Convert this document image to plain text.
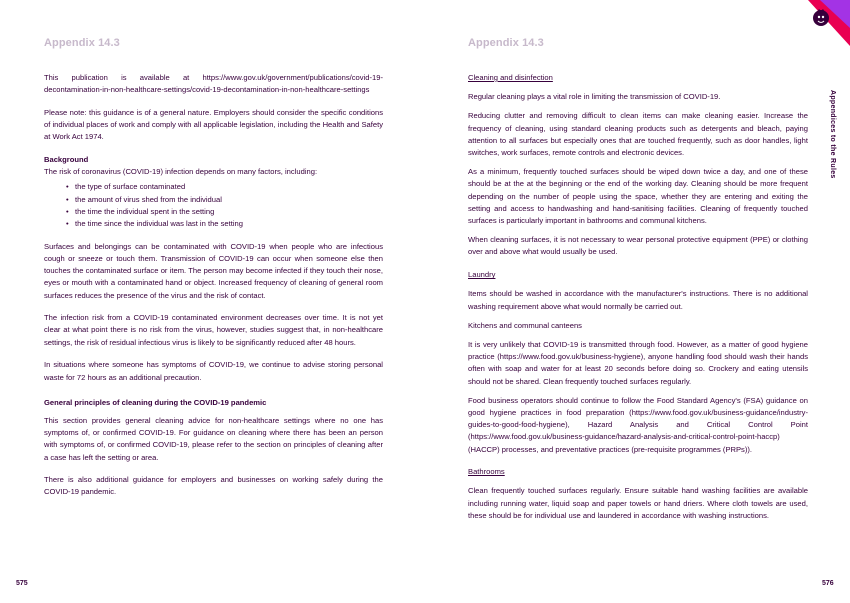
Appendix 14.3

This publication is available at https://www.gov.uk/government/publications/covid-19-decontamination-in-non-healthcare-settings/covid-19-decontamination-in-non-healthcare-settings

Please note: this guidance is of a general nature. Employers should consider the specific conditions of individual places of work and comply with all applicable legislation, including the Health and Safety at Work Act 1974.

Background

The risk of coronavirus (COVID-19) infection depends on many factors, including:

• the type of surface contaminated
• the amount of virus shed from the individual
• the time the individual spent in the setting
• the time since the individual was last in the setting

Surfaces and belongings can be contaminated with COVID-19 when people who are infectious cough or sneeze or touch them. Transmission of COVID-19 can occur when someone else then touches the contaminated surface or item. The person may become infected if they touch their nose, eyes or mouth with a contaminated hand or object. Increased frequency of cleaning of general room surfaces reduces the presence of the virus and the risk of contact.

The infection risk from a COVID-19 contaminated environment decreases over time. It is not yet clear at what point there is no risk from the virus, however, studies suggest that, in non-healthcare settings, the risk of residual infectious virus is likely to be significantly reduced after 48 hours.

In situations where someone has symptoms of COVID-19, we continue to advise storing personal waste for 72 hours as an additional precaution.

General principles of cleaning during the COVID-19 pandemic

This section provides general cleaning advice for non-healthcare settings where no one has symptoms of, or confirmed COVID-19. For guidance on cleaning where there has been an person with symptoms of, or confirmed COVID-19, please refer to the section on principles of cleaning after a case has left the setting or area.

There is also additional guidance for employers and businesses on working safely during the COVID-19 pandemic.

575
Appendix 14.3

Cleaning and disinfection

Regular cleaning plays a vital role in limiting the transmission of COVID-19.

Reducing clutter and removing difficult to clean items can make cleaning easier. Increase the frequency of cleaning, using standard cleaning products such as detergents and bleach, paying attention to all surfaces but especially ones that are touched frequently, such as door handles, light switches, work surfaces, remote controls and electronic devices.

As a minimum, frequently touched surfaces should be wiped down twice a day, and one of these should be at the at the beginning or the end of the working day. Cleaning should be more frequent depending on the number of people using the space, whether they are entering and exiting the setting and access to handwashing and hand-sanitising facilities. Cleaning of frequently touched surfaces is particularly important in bathrooms and communal kitchens.

When cleaning surfaces, it is not necessary to wear personal protective equipment (PPE) or clothing over and above what would usually be used.

Laundry

Items should be washed in accordance with the manufacturer's instructions. There is no additional washing requirement above what would normally be carried out.

Kitchens and communal canteens

It is very unlikely that COVID-19 is transmitted through food. However, as a matter of good hygiene practice (https://www.food.gov.uk/business-hygiene), anyone handling food should wash their hands often with soap and water for at least 20 seconds before doing so. Crockery and eating utensils should not be shared. Clean frequently touched surfaces regularly.

Food business operators should continue to follow the Food Standard Agency's (FSA) guidance on good hygiene practices in food preparation (https://www.food.gov.uk/business-guidance/industry-guides-to-good-food-hygiene), Hazard Analysis and Critical Control Point (https://www.food.gov.uk/business-guidance/hazard-analysis-and-critical-control-point-haccp) (HACCP) processes, and preventative practices (pre-requisite programmes (PRPs)).

Bathrooms

Clean frequently touched surfaces regularly. Ensure suitable hand washing facilities are available including running water, liquid soap and paper towels or hand driers. Where cloth towels are used, these should be for individual use and laundered in accordance with washing instructions.

576
Appendices to the Rules
